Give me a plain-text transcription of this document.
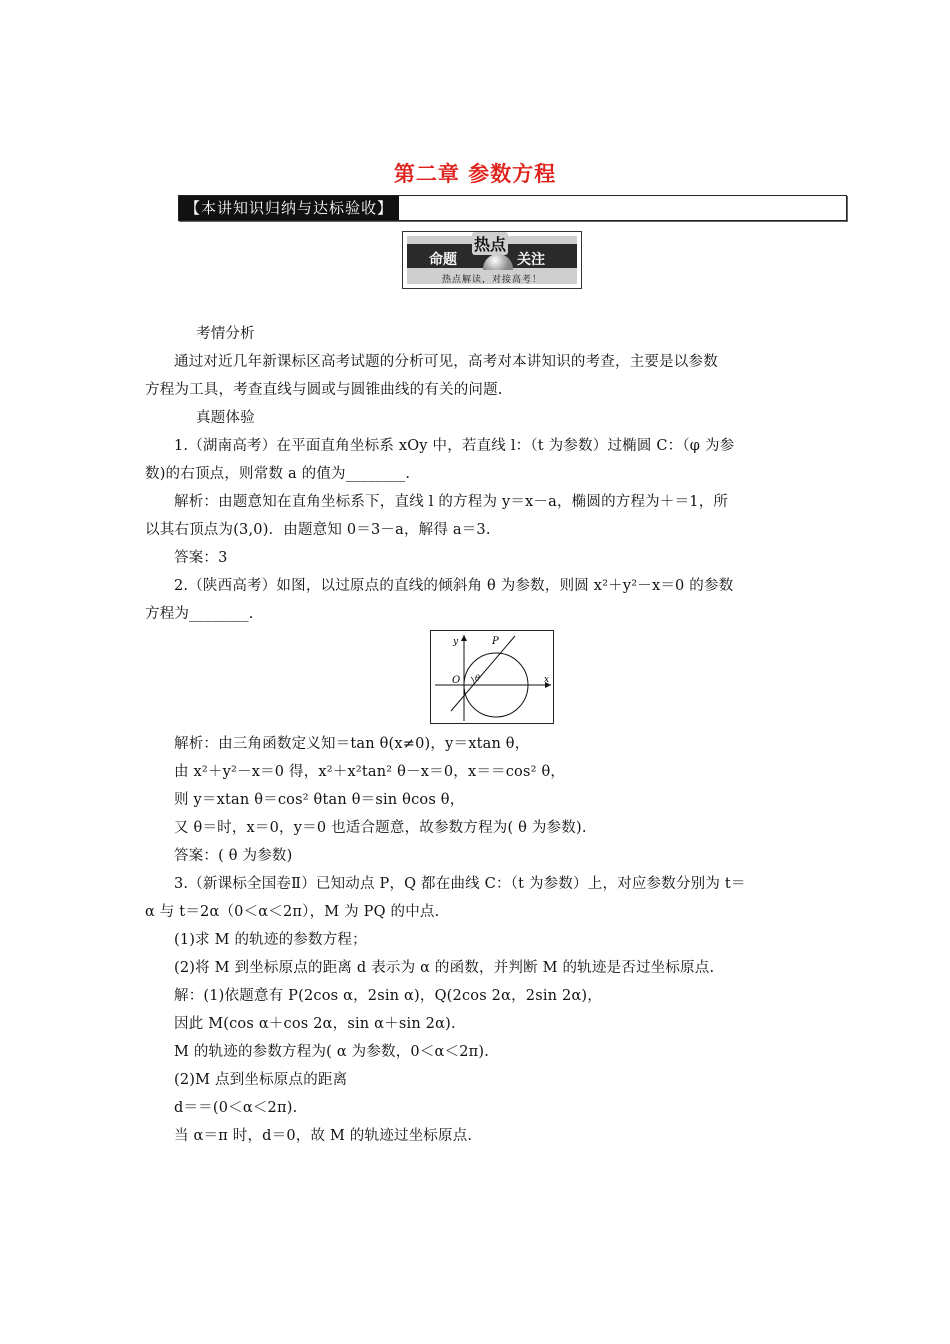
第二章 参数方程
【本讲知识归纳与达标验收】
热点
命题	关注
热点解读，对接高考！
考情分析
通过对近几年新课标区高考试题的分析可见，高考对本讲知识的考查，主要是以参数
方程为工具，考查直线与圆或与圆锥曲线的有关的问题.
真题体验
1.（湖南高考）在平面直角坐标系 xOy 中，若直线 l：（t 为参数）过椭圆 C：（φ 为参
数)的右顶点，则常数 a 的值为________.
解析：由题意知在直角坐标系下，直线 l 的方程为 y＝x－a，椭圆的方程为＋＝1，所
以其右顶点为(3,0)．由题意知 0＝3－a，解得 a＝3.
答案：3
2.（陕西高考）如图，以过原点的直线的倾斜角 θ 为参数，则圆 x²＋y²－x＝0 的参数
方程为________.
y	P
O θ	x
解析：由三角函数定义知＝tan θ(x≠0)，y＝xtan θ，
由 x²＋y²－x＝0 得，x²＋x²tan² θ－x＝0，x＝＝cos² θ，
则 y＝xtan θ＝cos² θtan θ＝sin θcos θ，
又 θ＝时，x＝0，y＝0 也适合题意，故参数方程为( θ 为参数).
答案：( θ 为参数)
3.（新课标全国卷Ⅱ）已知动点 P，Q 都在曲线 C：（t 为参数）上，对应参数分别为 t＝
α 与 t＝2α（0＜α＜2π），M 为 PQ 的中点.
(1)求 M 的轨迹的参数方程；
(2)将 M 到坐标原点的距离 d 表示为 α 的函数，并判断 M 的轨迹是否过坐标原点.
解：(1)依题意有 P(2cos α，2sin α)，Q(2cos 2α，2sin 2α)，
因此 M(cos α＋cos 2α，sin α＋sin 2α).
M 的轨迹的参数方程为( α 为参数，0＜α＜2π).
(2)M 点到坐标原点的距离
d＝＝(0＜α＜2π).
当 α＝π 时，d＝0，故 M 的轨迹过坐标原点.
